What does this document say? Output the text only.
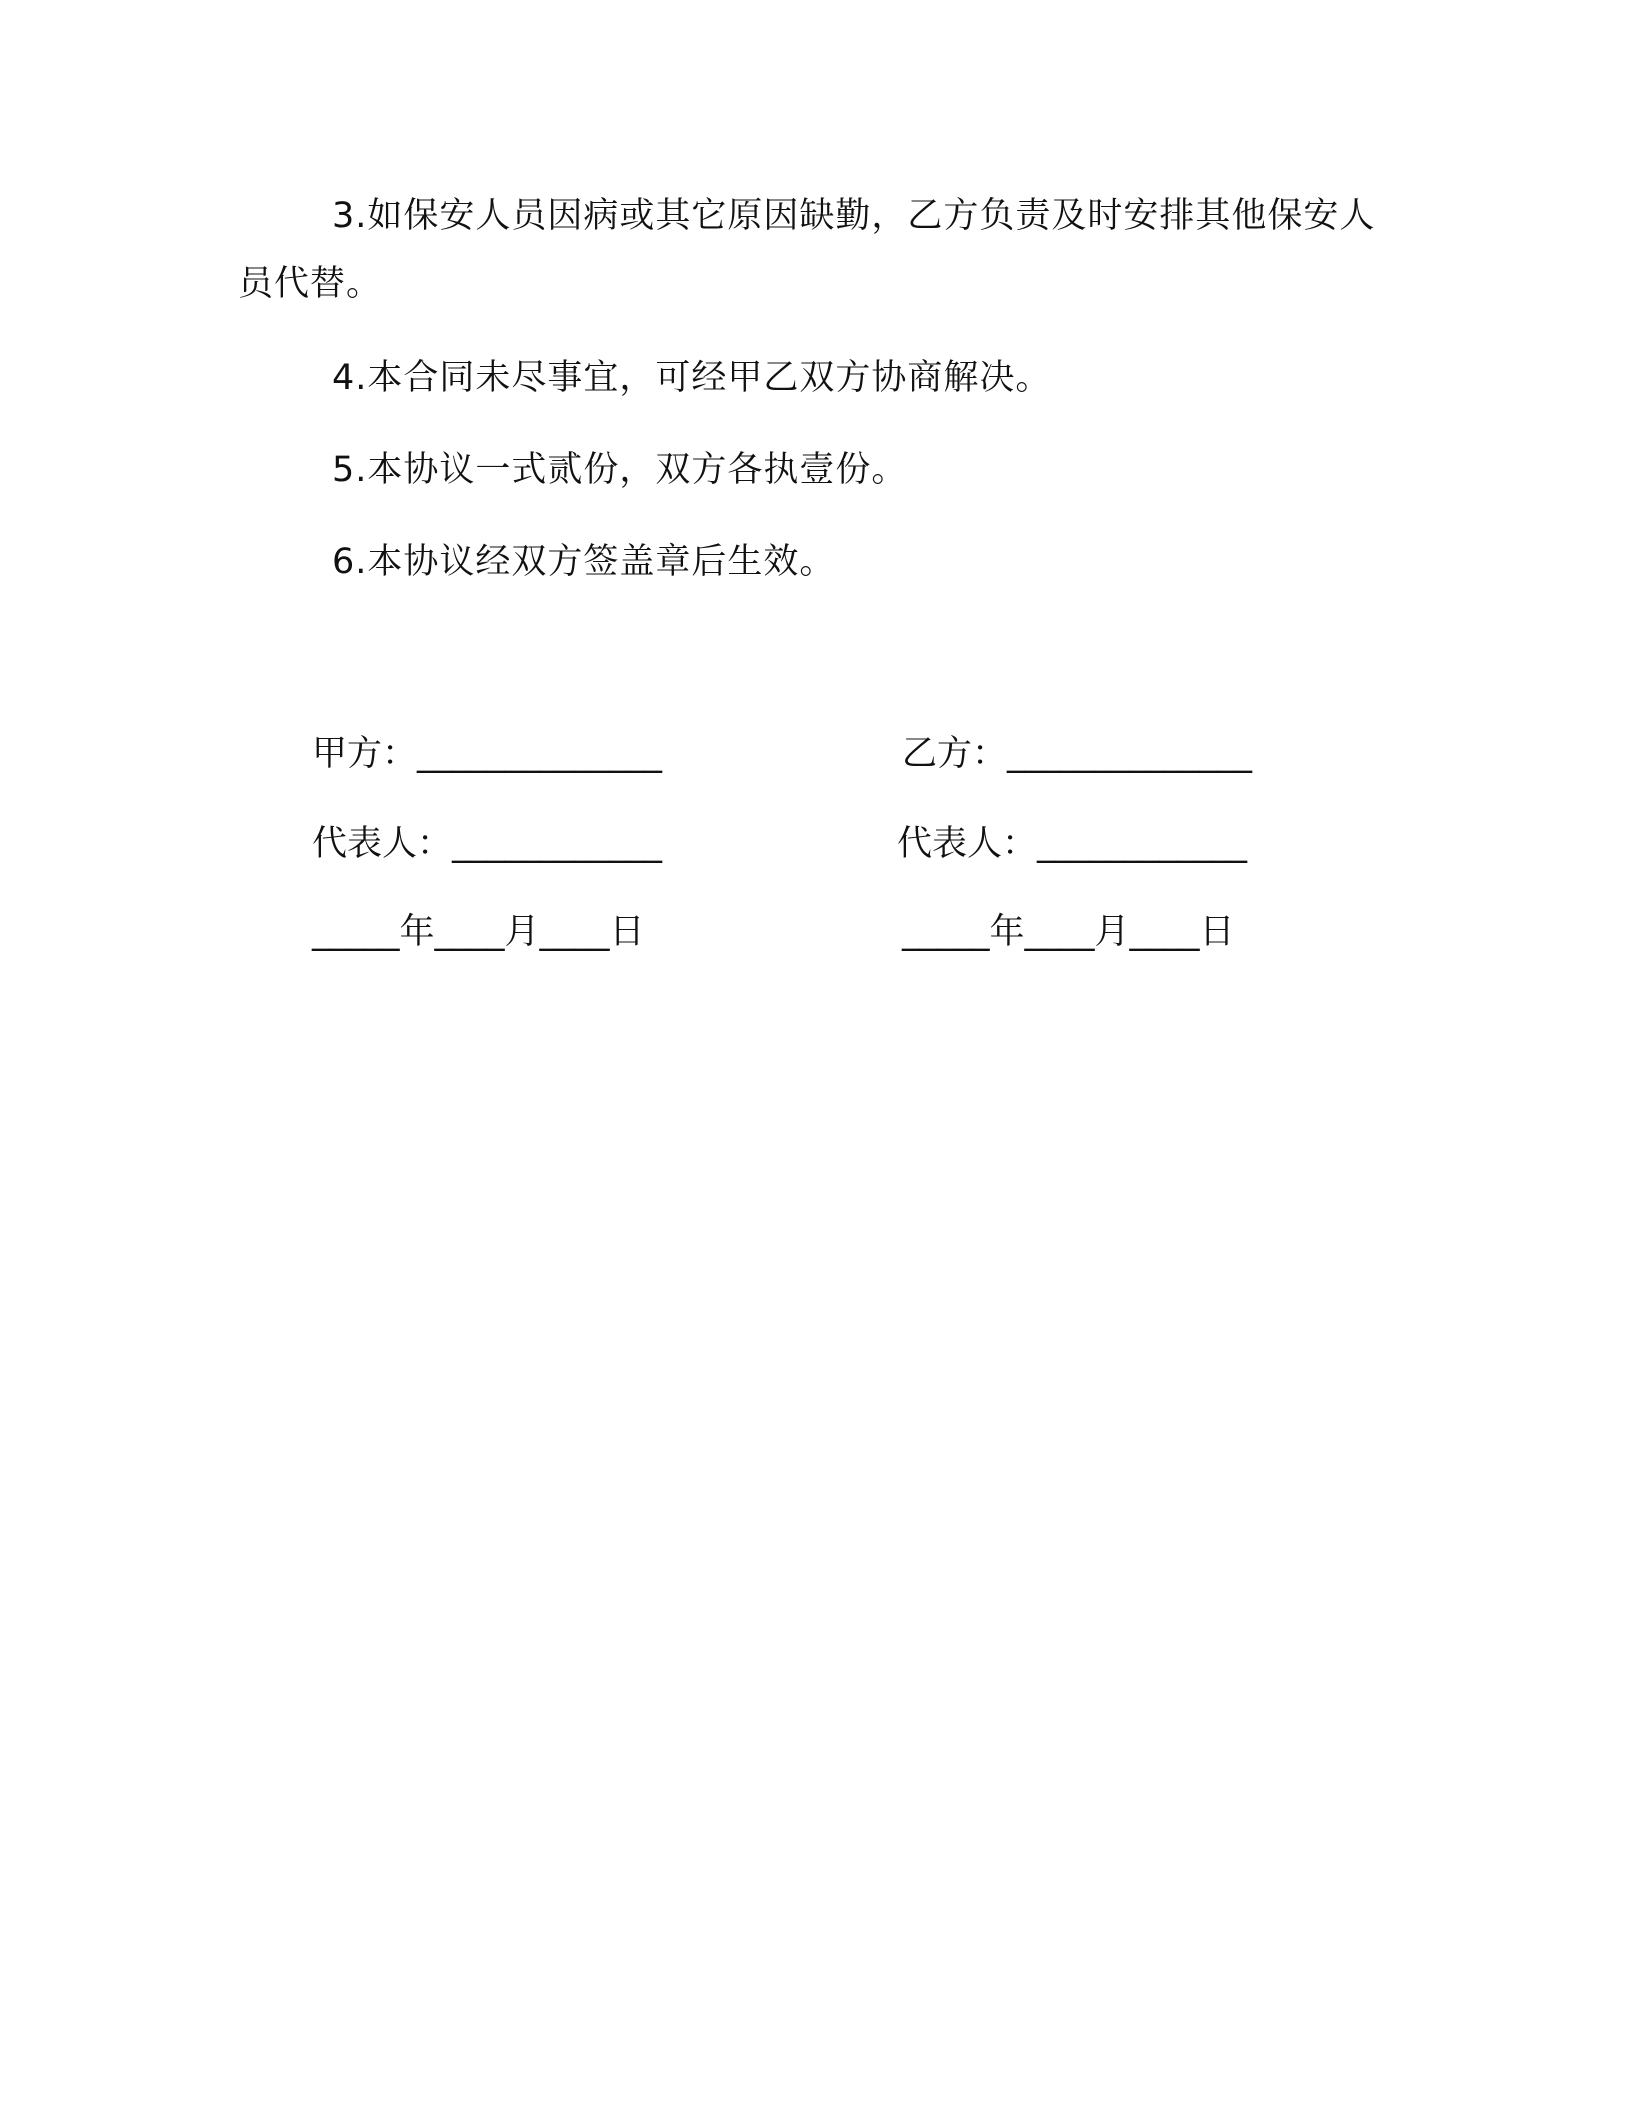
3.如保安人员因病或其它原因缺勤，乙方负责及时安排其他保安人员代替。

4.本合同未尽事宜，可经甲乙双方协商解决。

5.本协议一式贰份，双方各执壹份。

6.本协议经双方签盖章后生效。

甲方：______________	乙方：______________

代表人：____________	代表人：____________

_____年____月____日	_____年____月____日
